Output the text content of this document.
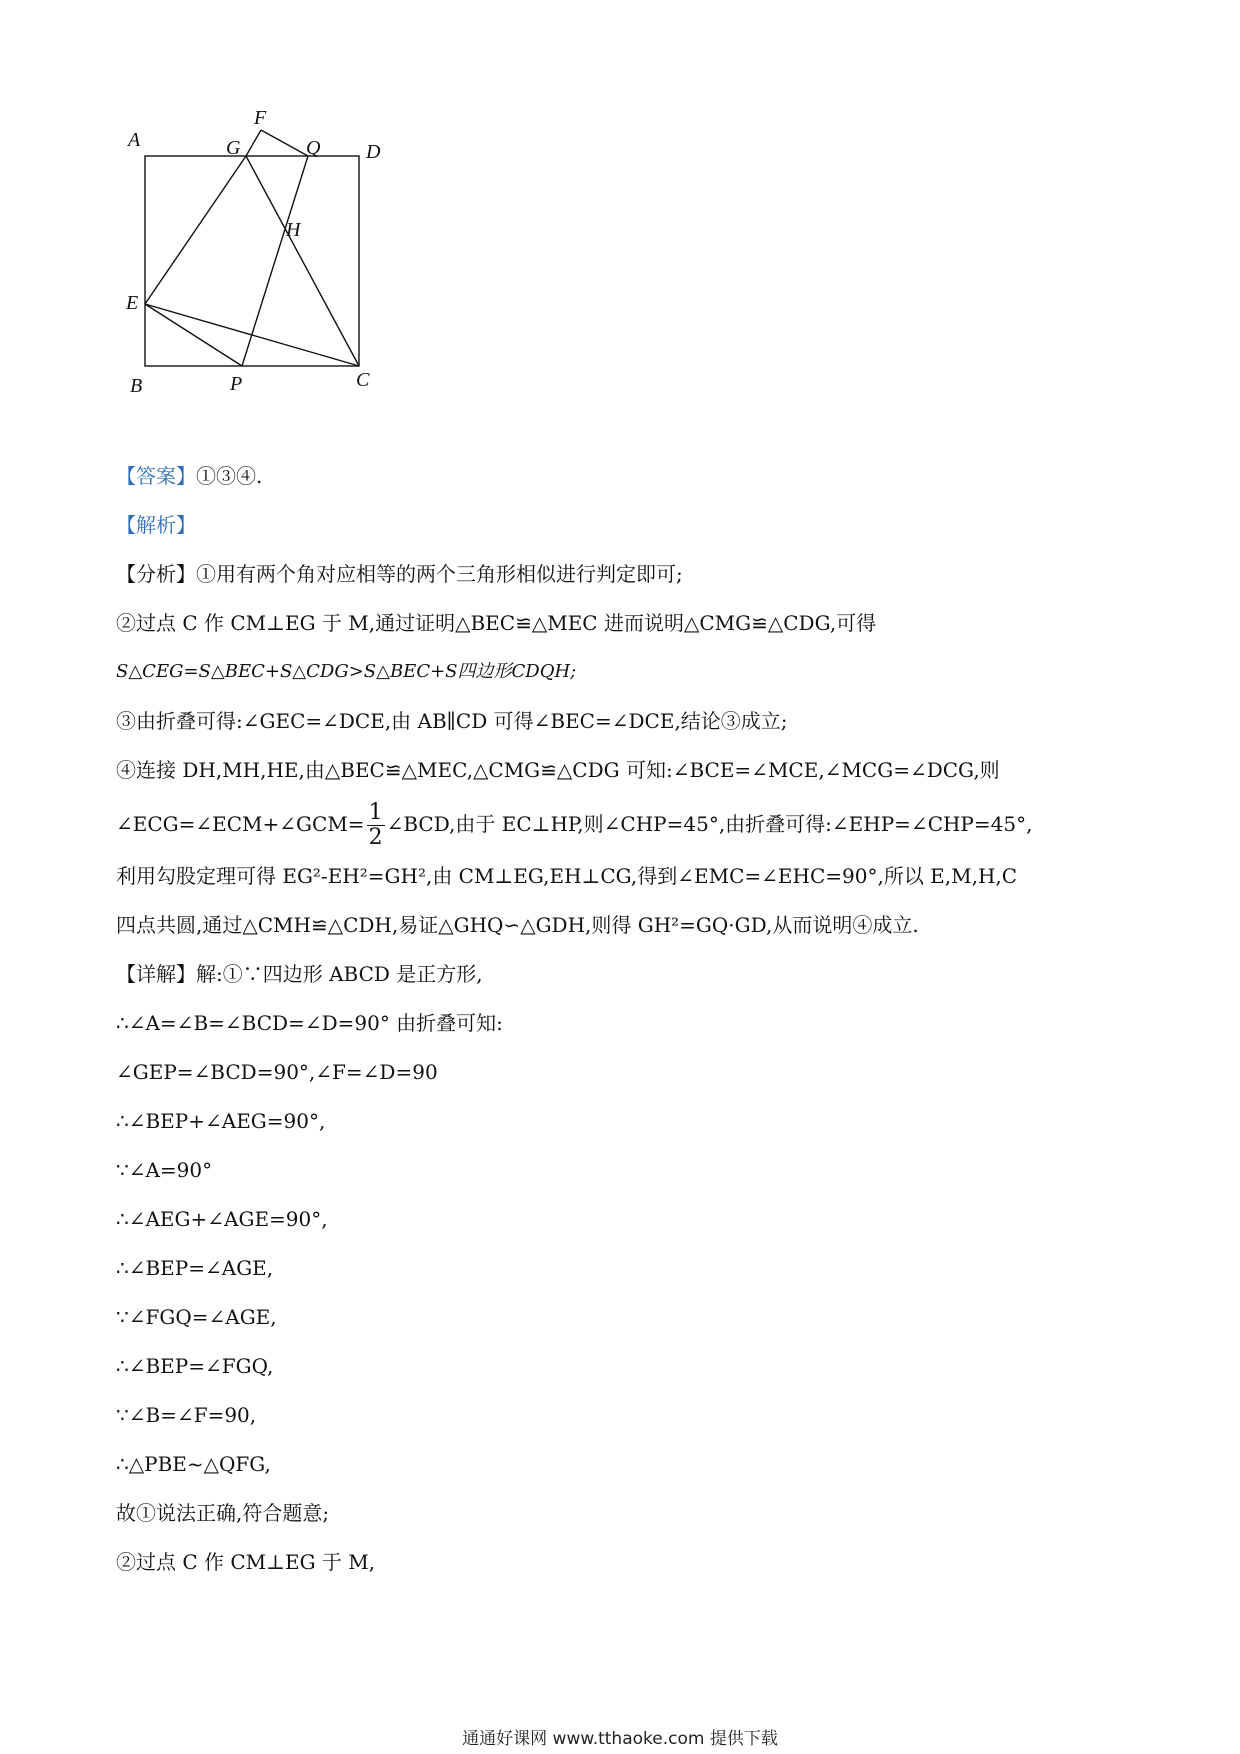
A
B	C
D
E
F
G
H
P
Q
【答案】①③④.
【解析】
【分析】①用有两个角对应相等的两个三角形相似进行判定即可;
②过点 C 作 CM⊥EG 于 M,通过证明△BEC≌△MEC 进而说明△CMG≌△CDG,可得
S△CEG=S△BEC+S△CDG>S△BEC+S四边形CDQH;
③由折叠可得:∠GEC=∠DCE,由 AB∥CD 可得∠BEC=∠DCE,结论③成立;
④连接 DH,MH,HE,由△BEC≌△MEC,△CMG≌△CDG 可知:∠BCE=∠MCE,∠MCG=∠DCG,则
∠ECG=∠ECM+∠GCM= $\frac{1}{2}$ ∠BCD,由于 EC⊥HP,则∠CHP=45°,由折叠可得:∠EHP=∠CHP=45°,
利用勾股定理可得 EG²-EH²=GH²,由 CM⊥EG,EH⊥CG,得到∠EMC=∠EHC=90°,所以 E,M,H,C
四点共圆,通过△CMH≌△CDH,易证△GHQ∽△GDH,则得 GH²=GQ·GD,从而说明④成立.
【详解】解:①∵四边形 ABCD 是正方形,
∴∠A=∠B=∠BCD=∠D=90° 由折叠可知:
∠GEP=∠BCD=90°,∠F=∠D=90
∴∠BEP+∠AEG=90°,
∵∠A=90°
∴∠AEG+∠AGE=90°,
∴∠BEP=∠AGE,
∵∠FGQ=∠AGE,
∴∠BEP=∠FGQ,
∵∠B=∠F=90,
∴△PBE~△QFG,
故①说法正确,符合题意;
②过点 C 作 CM⊥EG 于 M,
通通好课网 www.tthaoke.com 提供下载
